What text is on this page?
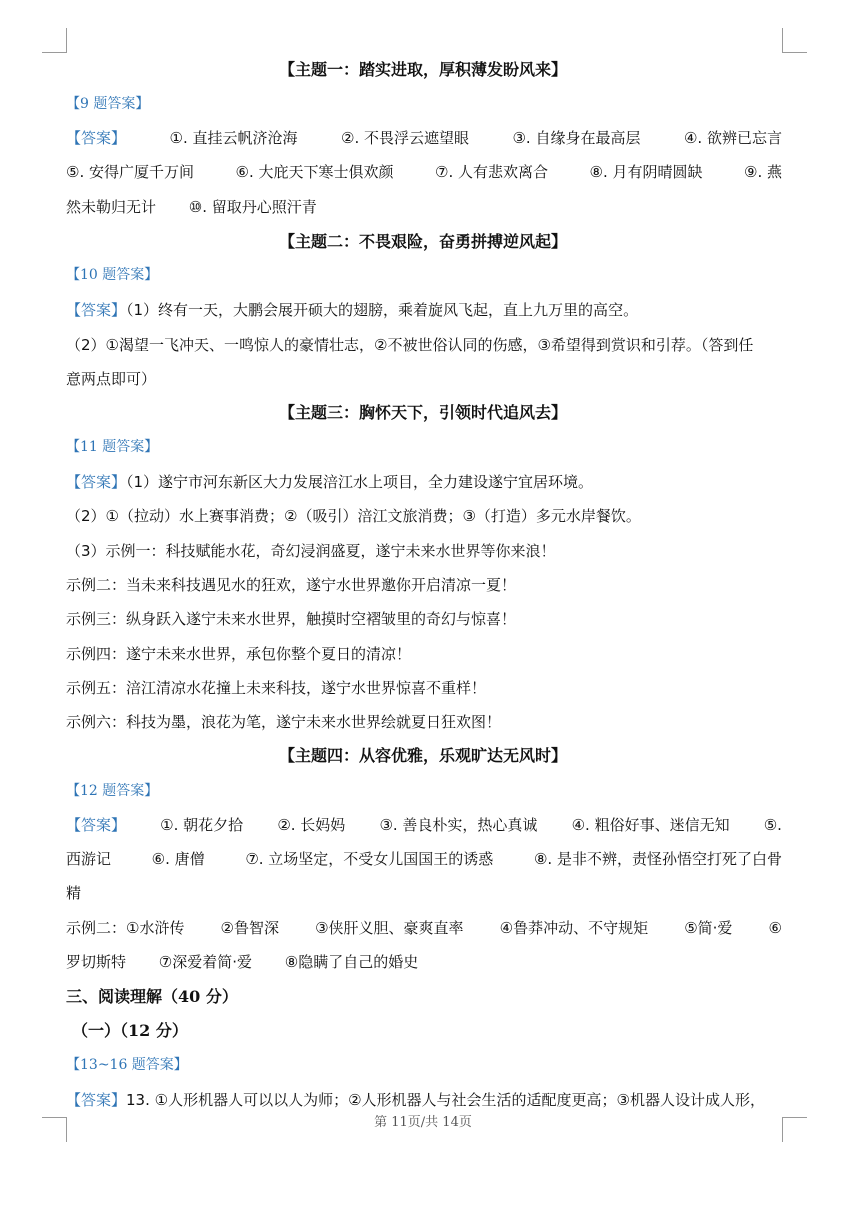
【主题一：踏实进取，厚积薄发盼风来】
【9 题答案】
【答案】	①. 直挂云帆济沧海	②. 不畏浮云遮望眼	③. 自缘身在最高层	④. 欲辨已忘言
⑤. 安得广厦千万间	⑥. 大庇天下寒士俱欢颜	⑦. 人有悲欢离合	⑧. 月有阴晴圆缺	⑨. 燕
然未勒归无计 ⑩. 留取丹心照汗青
【主题二：不畏艰险，奋勇拼搏逆风起】
【10 题答案】
【答案】（1）终有一天，大鹏会展开硕大的翅膀，乘着旋风飞起，直上九万里的高空。
（2）①渴望一飞冲天、一鸣惊人的豪情壮志，②不被世俗认同的伤感，③希望得到赏识和引荐。（答到任
意两点即可）
【主题三：胸怀天下，引领时代追风去】
【11 题答案】
【答案】（1）遂宁市河东新区大力发展涪江水上项目，全力建设遂宁宜居环境。
（2）①（拉动）水上赛事消费；②（吸引）涪江文旅消费；③（打造）多元水岸餐饮。
（3）示例一：科技赋能水花，奇幻浸润盛夏，遂宁未来水世界等你来浪！
示例二：当未来科技遇见水的狂欢，遂宁水世界邀你开启清凉一夏！
示例三：纵身跃入遂宁未来水世界，触摸时空褶皱里的奇幻与惊喜！
示例四：遂宁未来水世界，承包你整个夏日的清凉！
示例五：涪江清凉水花撞上未来科技，遂宁水世界惊喜不重样！
示例六：科技为墨，浪花为笔，遂宁未来水世界绘就夏日狂欢图！
【主题四：从容优雅，乐观旷达无风时】
【12 题答案】
【答案】 ①. 朝花夕拾 ②. 长妈妈 ③. 善良朴实，热心真诚 ④. 粗俗好事、迷信无知 ⑤.
西游记	⑥. 唐僧	⑦. 立场坚定，不受女儿国国王的诱惑	⑧. 是非不辨，责怪孙悟空打死了白骨
精
示例二：①水浒传 ②鲁智深 ③侠肝义胆、豪爽直率 ④鲁莽冲动、不守规矩 ⑤简·爱 ⑥
罗切斯特 ⑦深爱着简·爱 ⑧隐瞒了自己的婚史
三、阅读理解（40 分）
（一）（12 分）
【13~16 题答案】
【答案】13. ①人形机器人可以以人为师；②人形机器人与社会生活的适配度更高；③机器人设计成人形，
第 11页/共 14页
